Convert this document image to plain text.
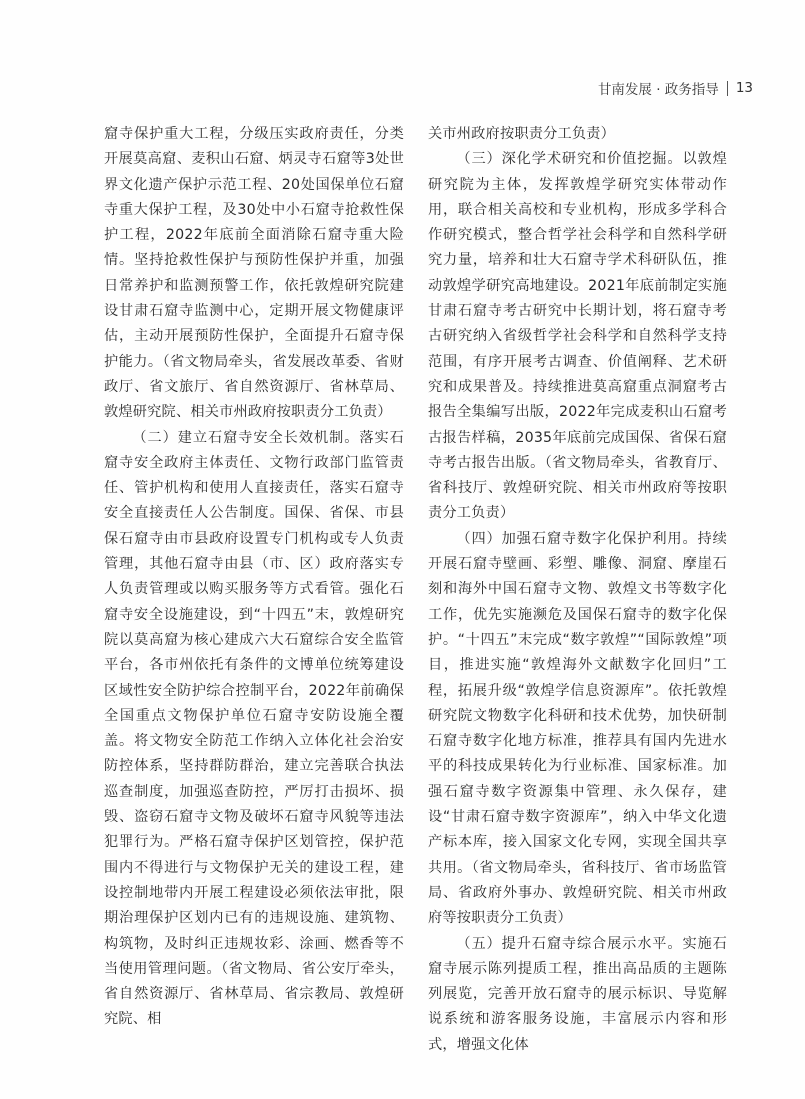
甘南发展 · 政务指导 13

窟寺保护重大工程，分级压实政府责任，分类开展莫高窟、麦积山石窟、炳灵寺石窟等3处世界文化遗产保护示范工程、20处国保单位石窟寺重大保护工程，及30处中小石窟寺抢救性保护工程，2022年底前全面消除石窟寺重大险情。坚持抢救性保护与预防性保护并重，加强日常养护和监测预警工作，依托敦煌研究院建设甘肃石窟寺监测中心，定期开展文物健康评估，主动开展预防性保护，全面提升石窟寺保护能力。（省文物局牵头，省发展改革委、省财政厅、省文旅厅、省自然资源厅、省林草局、敦煌研究院、相关市州政府按职责分工负责）

（二）建立石窟寺安全长效机制。落实石窟寺安全政府主体责任、文物行政部门监管责任、管护机构和使用人直接责任，落实石窟寺安全直接责任人公告制度。国保、省保、市县保石窟寺由市县政府设置专门机构或专人负责管理，其他石窟寺由县（市、区）政府落实专人负责管理或以购买服务等方式看管。强化石窟寺安全设施建设，到“十四五”末，敦煌研究院以莫高窟为核心建成六大石窟综合安全监管平台，各市州依托有条件的文博单位统筹建设区域性安全防护综合控制平台，2022年前确保全国重点文物保护单位石窟寺安防设施全覆盖。将文物安全防范工作纳入立体化社会治安防控体系，坚持群防群治，建立完善联合执法巡查制度，加强巡查防控，严厉打击损坏、损毁、盗窃石窟寺文物及破坏石窟寺风貌等违法犯罪行为。严格石窟寺保护区划管控，保护范围内不得进行与文物保护无关的建设工程，建设控制地带内开展工程建设必须依法审批，限期治理保护区划内已有的违规设施、建筑物、构筑物，及时纠正违规妆彩、涂画、燃香等不当使用管理问题。（省文物局、省公安厅牵头，省自然资源厅、省林草局、省宗教局、敦煌研究院、相

关市州政府按职责分工负责）

（三）深化学术研究和价值挖掘。以敦煌研究院为主体，发挥敦煌学研究实体带动作用，联合相关高校和专业机构，形成多学科合作研究模式，整合哲学社会科学和自然科学研究力量，培养和壮大石窟寺学术科研队伍，推动敦煌学研究高地建设。2021年底前制定实施甘肃石窟寺考古研究中长期计划，将石窟寺考古研究纳入省级哲学社会科学和自然科学支持范围，有序开展考古调查、价值阐释、艺术研究和成果普及。持续推进莫高窟重点洞窟考古报告全集编写出版，2022年完成麦积山石窟考古报告样稿，2035年底前完成国保、省保石窟寺考古报告出版。（省文物局牵头，省教育厅、省科技厅、敦煌研究院、相关市州政府等按职责分工负责）

（四）加强石窟寺数字化保护利用。持续开展石窟寺壁画、彩塑、雕像、洞窟、摩崖石刻和海外中国石窟寺文物、敦煌文书等数字化工作，优先实施濒危及国保石窟寺的数字化保护。“十四五”末完成“数字敦煌”“国际敦煌”项目，推进实施“敦煌海外文献数字化回归”工程，拓展升级“敦煌学信息资源库”。依托敦煌研究院文物数字化科研和技术优势，加快研制石窟寺数字化地方标准，推荐具有国内先进水平的科技成果转化为行业标准、国家标准。加强石窟寺数字资源集中管理、永久保存，建设“甘肃石窟寺数字资源库”，纳入中华文化遗产标本库，接入国家文化专网，实现全国共享共用。（省文物局牵头，省科技厅、省市场监管局、省政府外事办、敦煌研究院、相关市州政府等按职责分工负责）

（五）提升石窟寺综合展示水平。实施石窟寺展示陈列提质工程，推出高品质的主题陈列展览，完善开放石窟寺的展示标识、导览解说系统和游客服务设施，丰富展示内容和形式，增强文化体
